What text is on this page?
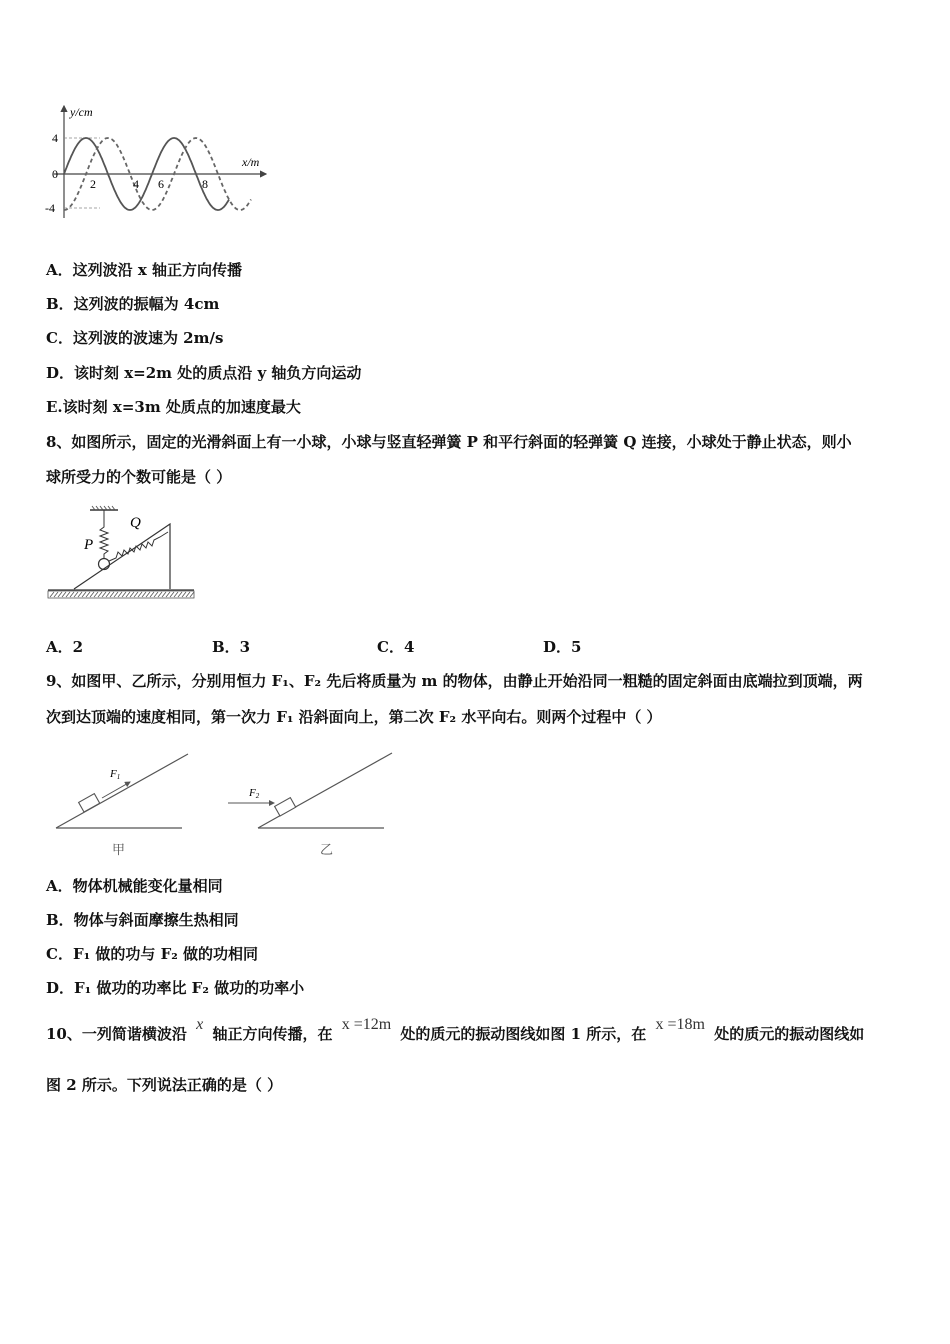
y/cm
x/m
4
0
-4
2	4 6	8
A．这列波沿 x 轴正方向传播
B．这列波的振幅为 4cm
C．这列波的波速为 2m/s
D．该时刻 x=2m 处的质点沿 y 轴负方向运动
E.该时刻 x=3m 处质点的加速度最大
8、如图所示，固定的光滑斜面上有一小球，小球与竖直轻弹簧 P 和平行斜面的轻弹簧 Q 连接，小球处于静止状态，则小
球所受力的个数可能是（ ）
P
Q
A．2	B．3	C．4	D．5
9、如图甲、乙所示，分别用恒力 F₁、F₂ 先后将质量为 m 的物体，由静止开始沿同一粗糙的固定斜面由底端拉到顶端，两
次到达顶端的速度相同，第一次力 F₁ 沿斜面向上，第二次 F₂ 水平向右。则两个过程中（ ）
F1
甲
F2
乙
A．物体机械能变化量相同
B．物体与斜面摩擦生热相同
C．F₁ 做的功与 F₂ 做的功相同
D．F₁ 做功的功率比 F₂ 做功的功率小
10、一列简谐横波沿 x 轴正方向传播，在 x =12m 处的质元的振动图线如图 1 所示，在 x =18m 处的质元的振动图线如
图 2 所示。下列说法正确的是（ ）
